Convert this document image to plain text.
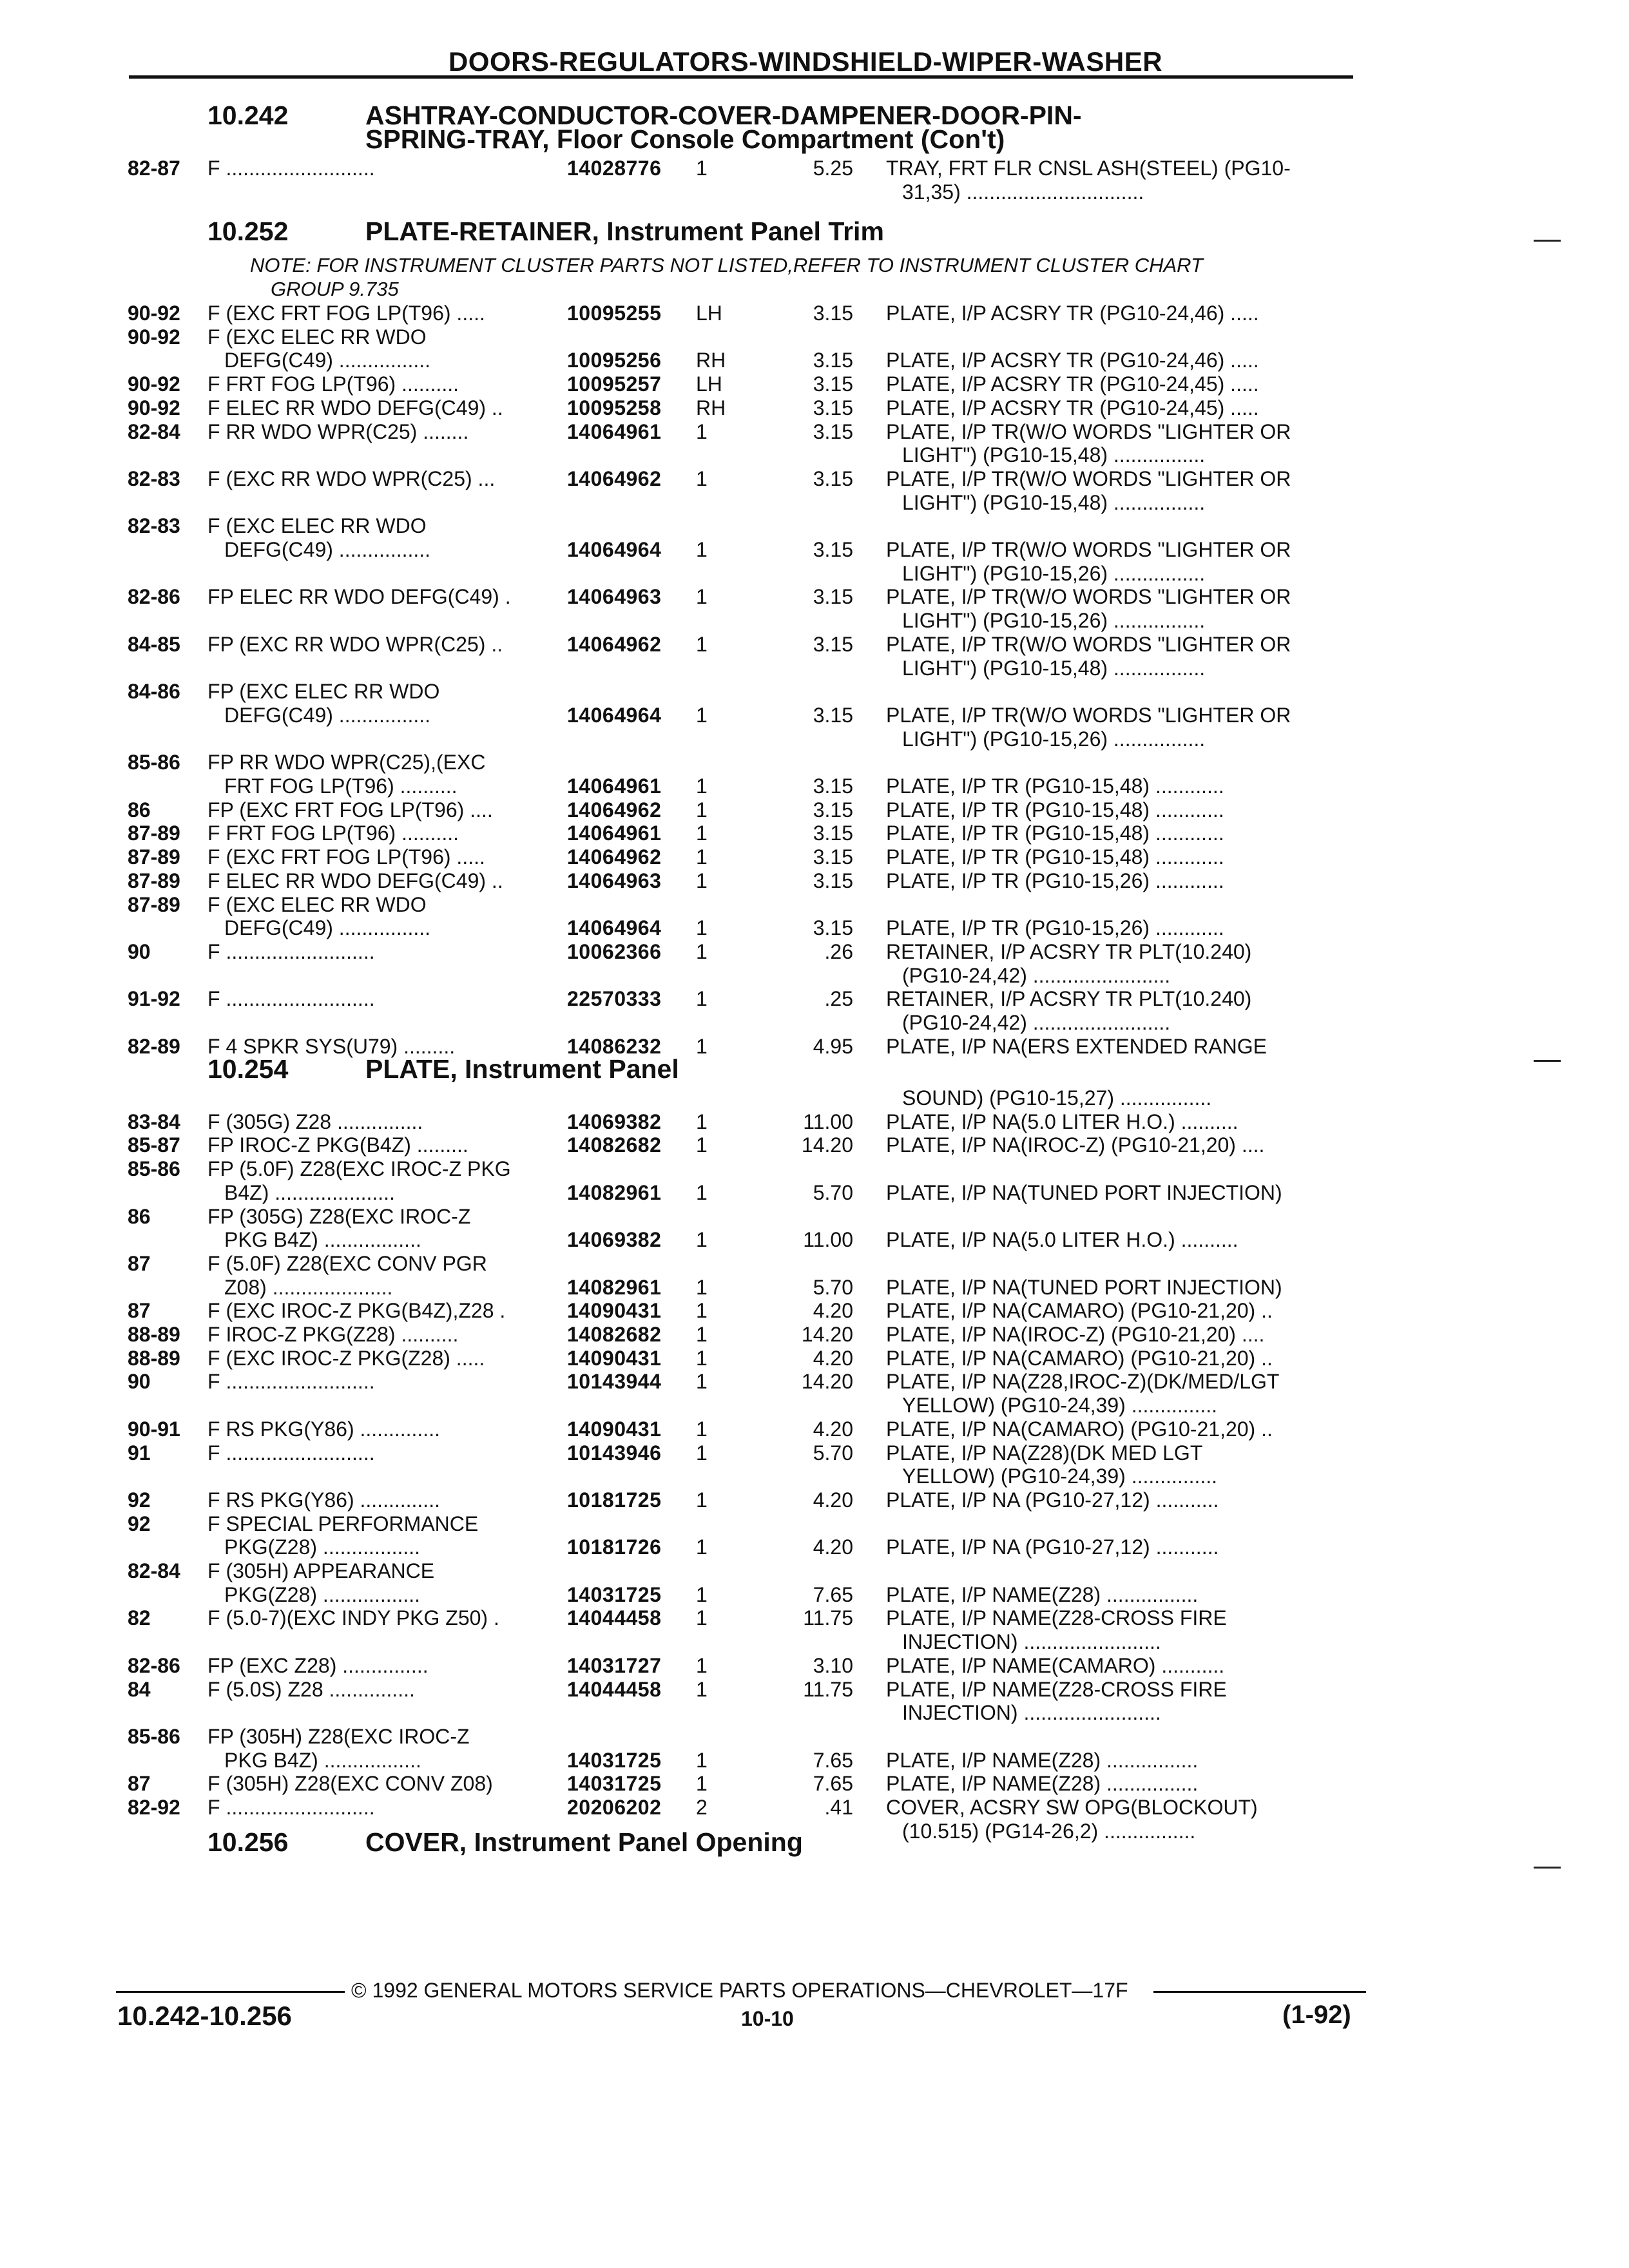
DOORS-REGULATORS-WINDSHIELD-WIPER-WASHER
10.242	ASHTRAY-CONDUCTOR-COVER-DAMPENER-DOOR-PIN-
SPRING-TRAY, Floor Console Compartment (Con't)
10.252	PLATE-RETAINER, Instrument Panel Trim
NOTE: FOR INSTRUMENT CLUSTER PARTS NOT LISTED,REFER TO INSTRUMENT CLUSTER CHART
GROUP 9.735
10.254	PLATE, Instrument Panel
10.256	COVER, Instrument Panel Opening
82-87 F ..........................	14028776 1	5.25 TRAY, FRT FLR CNSL ASH(STEEL) (PG10-
31,35) ...............................
90-92 F (EXC FRT FOG LP(T96) .....	10095255 LH	3.15 PLATE, I/P ACSRY TR (PG10-24,46) .....
90-92 F (EXC ELEC RR WDO
DEFG(C49) ................	10095256 RH	3.15 PLATE, I/P ACSRY TR (PG10-24,46) .....
90-92 F FRT FOG LP(T96) ..........	10095257 LH	3.15 PLATE, I/P ACSRY TR (PG10-24,45) .....
90-92 F ELEC RR WDO DEFG(C49) ..	10095258 RH	3.15 PLATE, I/P ACSRY TR (PG10-24,45) .....
82-84 F RR WDO WPR(C25) ........	14064961 1	3.15 PLATE, I/P TR(W/O WORDS "LIGHTER OR
LIGHT") (PG10-15,48) ................
82-83 F (EXC RR WDO WPR(C25) ...	14064962 1	3.15 PLATE, I/P TR(W/O WORDS "LIGHTER OR
LIGHT") (PG10-15,48) ................
82-83 F (EXC ELEC RR WDO
DEFG(C49) ................	14064964 1	3.15 PLATE, I/P TR(W/O WORDS "LIGHTER OR
LIGHT") (PG10-15,26) ................
82-86 FP ELEC RR WDO DEFG(C49) .	14064963 1	3.15 PLATE, I/P TR(W/O WORDS "LIGHTER OR
LIGHT") (PG10-15,26) ................
84-85 FP (EXC RR WDO WPR(C25) ..	14064962 1	3.15 PLATE, I/P TR(W/O WORDS "LIGHTER OR
LIGHT") (PG10-15,48) ................
84-86 FP (EXC ELEC RR WDO
DEFG(C49) ................	14064964 1	3.15 PLATE, I/P TR(W/O WORDS "LIGHTER OR
LIGHT") (PG10-15,26) ................
85-86 FP RR WDO WPR(C25),(EXC
FRT FOG LP(T96) ..........	14064961 1	3.15 PLATE, I/P TR (PG10-15,48) ............
86	FP (EXC FRT FOG LP(T96) ....	14064962 1	3.15 PLATE, I/P TR (PG10-15,48) ............
87-89 F FRT FOG LP(T96) ..........	14064961 1	3.15 PLATE, I/P TR (PG10-15,48) ............
87-89 F (EXC FRT FOG LP(T96) .....	14064962 1	3.15 PLATE, I/P TR (PG10-15,48) ............
87-89 F ELEC RR WDO DEFG(C49) ..	14064963 1	3.15 PLATE, I/P TR (PG10-15,26) ............
87-89 F (EXC ELEC RR WDO
DEFG(C49) ................	14064964 1	3.15 PLATE, I/P TR (PG10-15,26) ............
90	F ..........................	10062366 1	.26 RETAINER, I/P ACSRY TR PLT(10.240)
(PG10-24,42) ........................
91-92 F ..........................	22570333 1	.25 RETAINER, I/P ACSRY TR PLT(10.240)
(PG10-24,42) ........................
82-89 F 4 SPKR SYS(U79) .........	14086232 1	4.95 PLATE, I/P NA(ERS EXTENDED RANGE
SOUND) (PG10-15,27) ................
83-84 F (305G) Z28 ...............	14069382 1	11.00 PLATE, I/P NA(5.0 LITER H.O.) ..........
85-87 FP IROC-Z PKG(B4Z) .........	14082682 1	14.20 PLATE, I/P NA(IROC-Z) (PG10-21,20) ....
85-86 FP (5.0F) Z28(EXC IROC-Z PKG
B4Z) .....................	14082961 1	5.70 PLATE, I/P NA(TUNED PORT INJECTION)
86	FP (305G) Z28(EXC IROC-Z
PKG B4Z) .................	14069382 1	11.00 PLATE, I/P NA(5.0 LITER H.O.) ..........
87	F (5.0F) Z28(EXC CONV PGR
Z08) .....................	14082961 1	5.70 PLATE, I/P NA(TUNED PORT INJECTION)
87	F (EXC IROC-Z PKG(B4Z),Z28 .	14090431 1	4.20 PLATE, I/P NA(CAMARO) (PG10-21,20) ..
88-89 F IROC-Z PKG(Z28) ..........	14082682 1	14.20 PLATE, I/P NA(IROC-Z) (PG10-21,20) ....
88-89 F (EXC IROC-Z PKG(Z28) .....	14090431 1	4.20 PLATE, I/P NA(CAMARO) (PG10-21,20) ..
90	F ..........................	10143944 1	14.20 PLATE, I/P NA(Z28,IROC-Z)(DK/MED/LGT
YELLOW) (PG10-24,39) ...............
90-91 F RS PKG(Y86) ..............	14090431 1	4.20 PLATE, I/P NA(CAMARO) (PG10-21,20) ..
91	F ..........................	10143946 1	5.70 PLATE, I/P NA(Z28)(DK MED LGT
YELLOW) (PG10-24,39) ...............
92	F RS PKG(Y86) ..............	10181725 1	4.20 PLATE, I/P NA (PG10-27,12) ...........
92	F SPECIAL PERFORMANCE
PKG(Z28) .................	10181726 1	4.20 PLATE, I/P NA (PG10-27,12) ...........
82-84 F (305H) APPEARANCE
PKG(Z28) .................	14031725 1	7.65 PLATE, I/P NAME(Z28) ................
82	F (5.0-7)(EXC INDY PKG Z50) .	14044458 1	11.75 PLATE, I/P NAME(Z28-CROSS FIRE
INJECTION) ........................
82-86 FP (EXC Z28) ...............	14031727 1	3.10 PLATE, I/P NAME(CAMARO) ...........
84	F (5.0S) Z28 ...............	14044458 1	11.75 PLATE, I/P NAME(Z28-CROSS FIRE
INJECTION) ........................
85-86 FP (305H) Z28(EXC IROC-Z
PKG B4Z) .................	14031725 1	7.65 PLATE, I/P NAME(Z28) ................
87	F (305H) Z28(EXC CONV Z08)	14031725 1	7.65 PLATE, I/P NAME(Z28) ................
82-92 F ..........................	20206202 2	.41 COVER, ACSRY SW OPG(BLOCKOUT)
(10.515) (PG14-26,2) ................
© 1992 GENERAL MOTORS SERVICE PARTS OPERATIONS—CHEVROLET—17F
10.242-10.256	10-10	(1-92)
